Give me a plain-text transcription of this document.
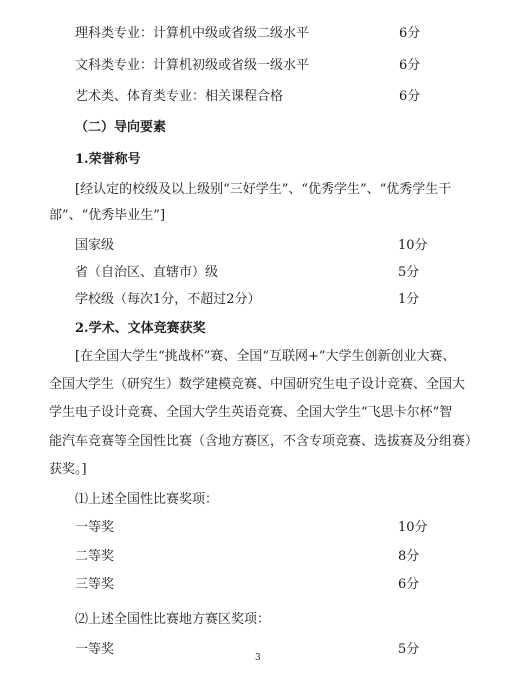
理科类专业：计算机中级或省级二级水平	6分
文科类专业：计算机初级或省级一级水平	6分
艺术类、体育类专业：相关课程合格	6分
（二）导向要素
1.荣誉称号
[经认定的校级及以上级别“三好学生”、“优秀学生”、“优秀学生干
部”、“优秀毕业生”]
国家级	10分
省（自治区、直辖市）级	5分
学校级（每次1分，不超过2分）	1分
2.学术、文体竞赛获奖
[在全国大学生“挑战杯”赛、全国“互联网+”大学生创新创业大赛、
全国大学生（研究生）数学建模竞赛、中国研究生电子设计竞赛、全国大
学生电子设计竞赛、全国大学生英语竞赛、全国大学生“飞思卡尔杯”智
能汽车竞赛等全国性比赛（含地方赛区，不含专项竞赛、选拔赛及分组赛）
获奖。]
⑴上述全国性比赛奖项：
一等奖	10分
二等奖	8分
三等奖	6分
⑵上述全国性比赛地方赛区奖项：
一等奖	5分
3
